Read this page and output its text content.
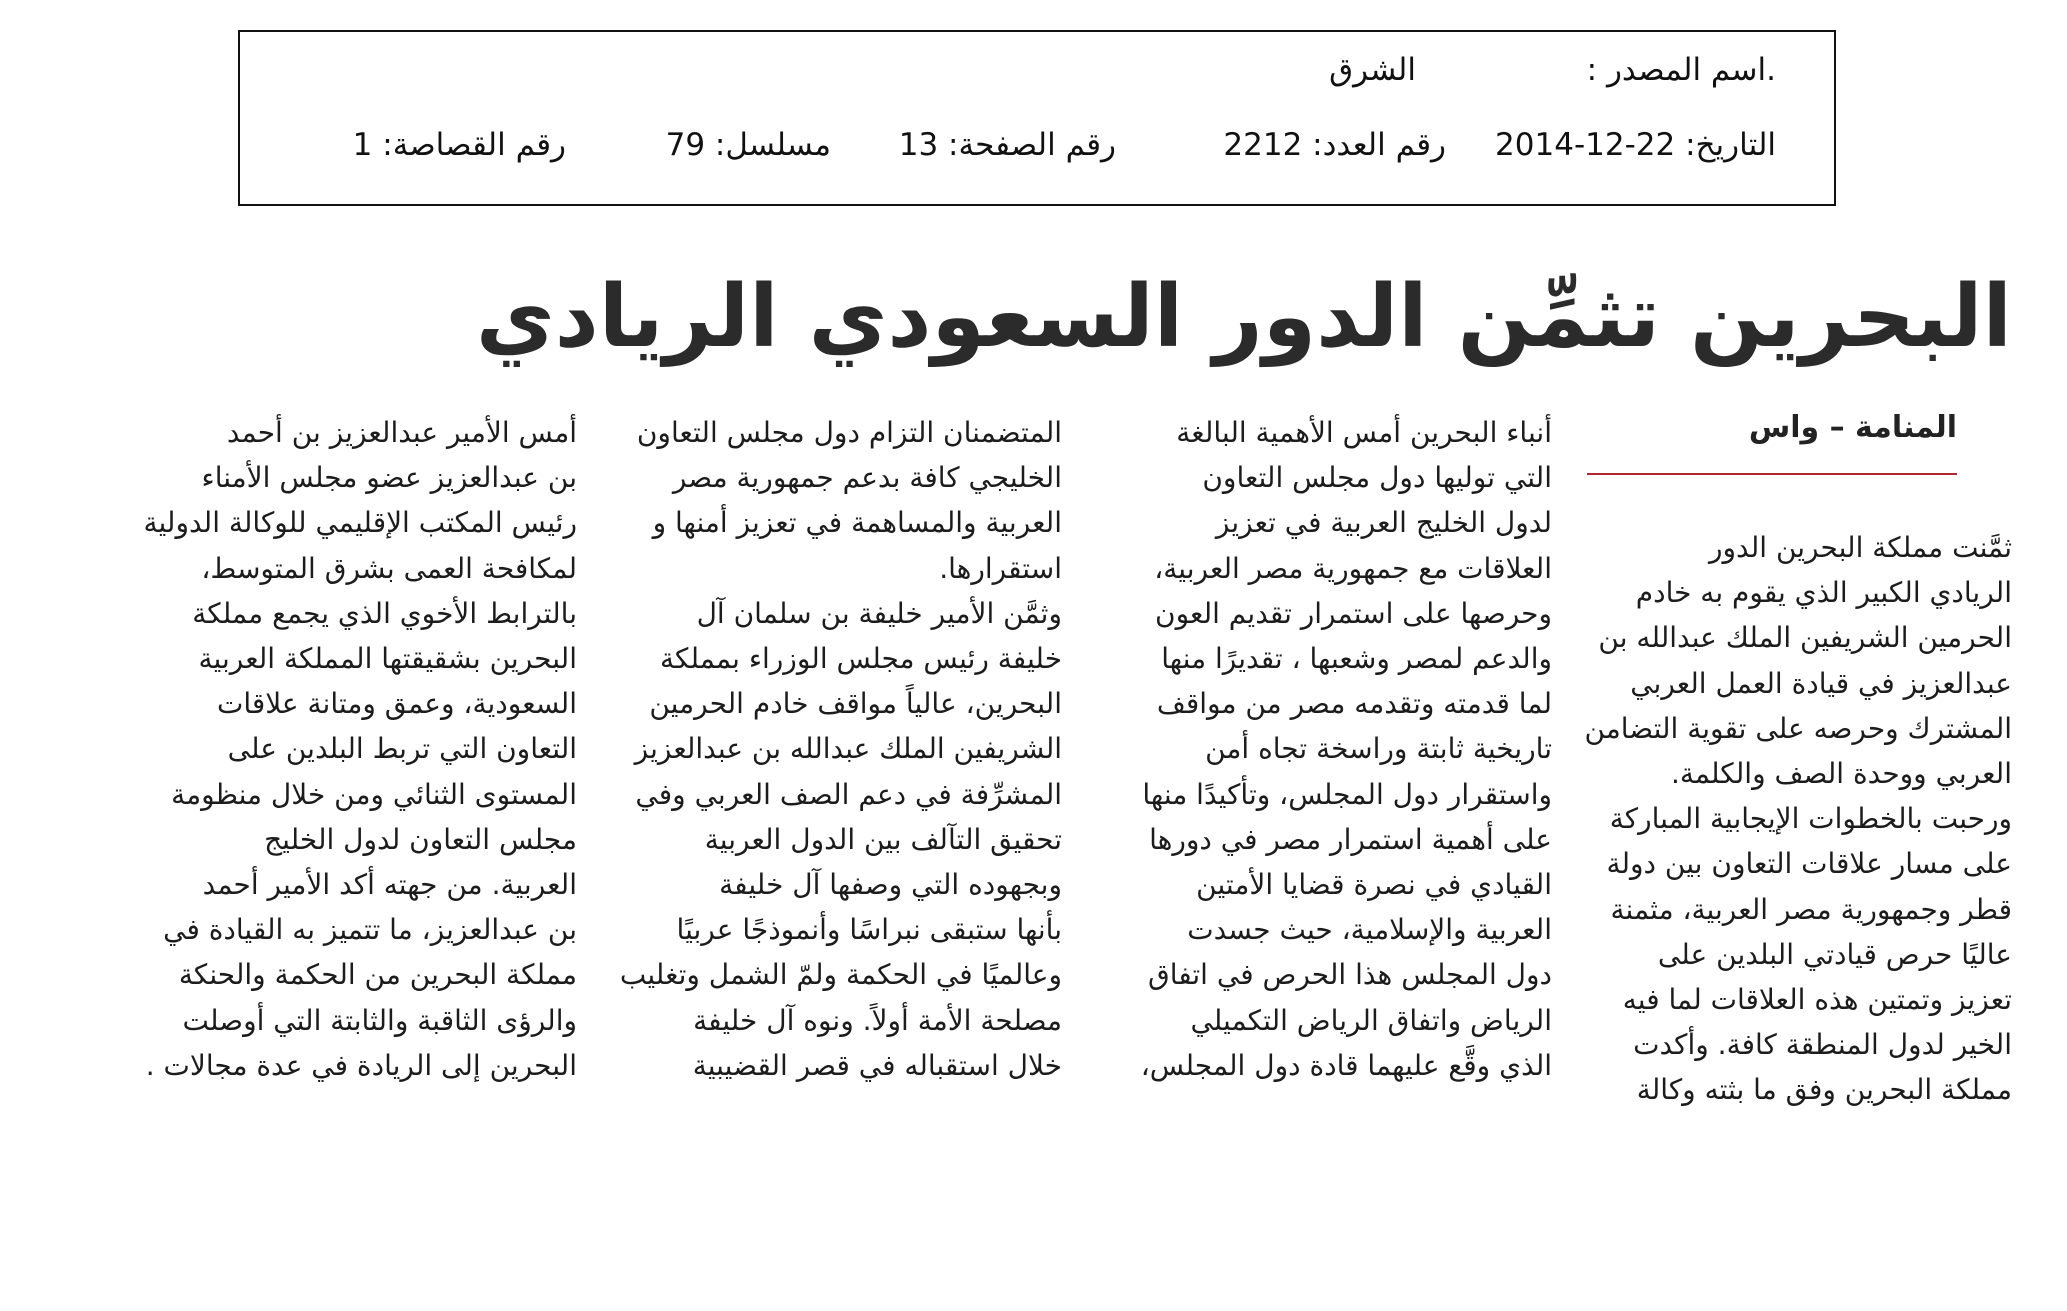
.اسم المصدر :
الشرق
التاريخ: 22-12-2014
رقم العدد: 2212
رقم الصفحة: 13
مسلسل: 79
رقم القصاصة: 1
البحرين تثمِّن الدور السعودي الريادي
المنامة – واس
ثمَّنت مملكة البحرين الدور
الريادي الكبير الذي يقوم به خادم
الحرمين الشريفين الملك عبدالله بن
عبدالعزيز في قيادة العمل العربي
المشترك وحرصه على تقوية التضامن
العربي ووحدة الصف والكلمة.
ورحبت بالخطوات الإيجابية المباركة
على مسار علاقات التعاون بين دولة
قطر وجمهورية مصر العربية، مثمنة
عاليًا حرص قيادتي البلدين على
تعزيز وتمتين هذه العلاقات لما فيه
الخير لدول المنطقة كافة. وأكدت
مملكة البحرين وفق ما بثته وكالة
أنباء البحرين أمس الأهمية البالغة
التي توليها دول مجلس التعاون
لدول الخليج العربية في تعزيز
العلاقات مع جمهورية مصر العربية،
وحرصها على استمرار تقديم العون
والدعم لمصر وشعبها ، تقديرًا منها
لما قدمته وتقدمه مصر من مواقف
تاريخية ثابتة وراسخة تجاه أمن
واستقرار دول المجلس، وتأكيدًا منها
على أهمية استمرار مصر في دورها
القيادي في نصرة قضايا الأمتين
العربية والإسلامية، حيث جسدت
دول المجلس هذا الحرص في اتفاق
الرياض واتفاق الرياض التكميلي
الذي وقَّع عليهما قادة دول المجلس،
المتضمنان التزام دول مجلس التعاون
الخليجي كافة بدعم جمهورية مصر
العربية والمساهمة في تعزيز أمنها و
استقرارها.
وثمَّن الأمير خليفة بن سلمان آل
خليفة رئيس مجلس الوزراء بمملكة
البحرين، عالياً مواقف خادم الحرمين
الشريفين الملك عبدالله بن عبدالعزيز
المشرِّفة في دعم الصف العربي وفي
تحقيق التآلف بين الدول العربية
وبجهوده التي وصفها آل خليفة
بأنها ستبقى نبراسًا وأنموذجًا عربيًا
وعالميًا في الحكمة ولمّ الشمل وتغليب
مصلحة الأمة أولاً. ونوه آل خليفة
خلال استقباله في قصر القضيبية
أمس الأمير عبدالعزيز بن أحمد
بن عبدالعزيز عضو مجلس الأمناء
رئيس المكتب الإقليمي للوكالة الدولية
لمكافحة العمى بشرق المتوسط،
بالترابط الأخوي الذي يجمع مملكة
البحرين بشقيقتها المملكة العربية
السعودية، وعمق ومتانة علاقات
التعاون التي تربط البلدين على
المستوى الثنائي ومن خلال منظومة
مجلس التعاون لدول الخليج
العربية. من جهته أكد الأمير أحمد
بن عبدالعزيز، ما تتميز به القيادة في
مملكة البحرين من الحكمة والحنكة
والرؤى الثاقبة والثابتة التي أوصلت
البحرين إلى الريادة في عدة مجالات .
